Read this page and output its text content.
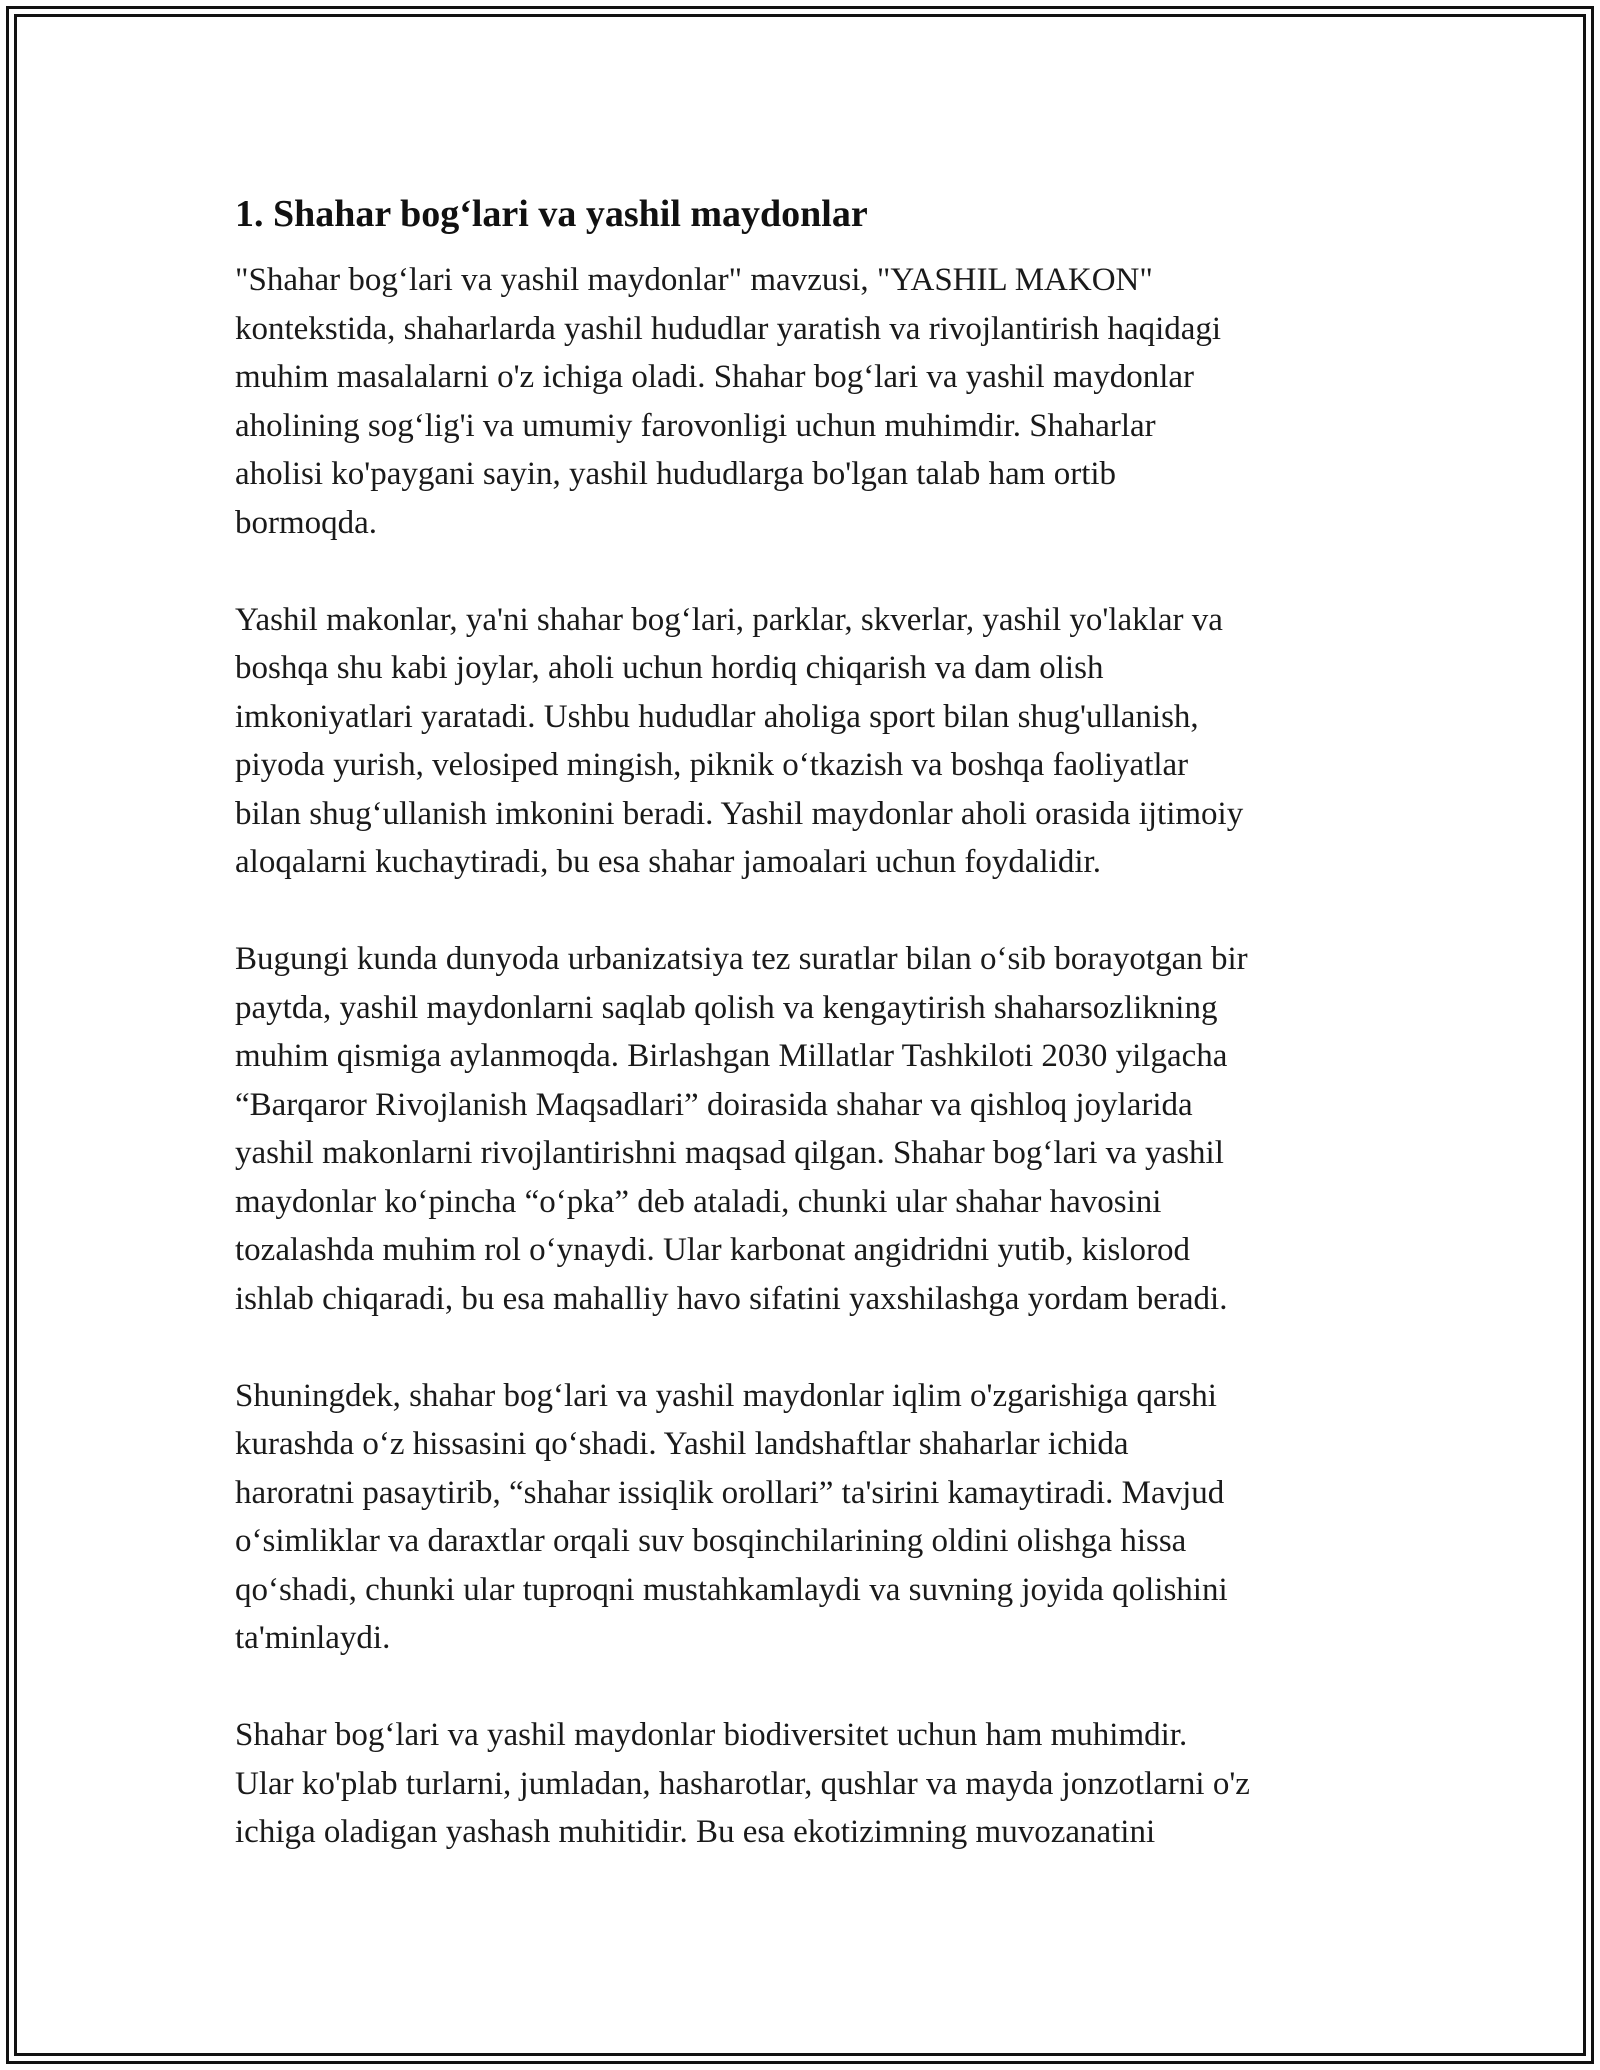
1. Shahar bog‘lari va yashil maydonlar

"Shahar bog‘lari va yashil maydonlar" mavzusi, "YASHIL MAKON"
kontekstida, shaharlarda yashil hududlar yaratish va rivojlantirish haqidagi
muhim masalalarni o'z ichiga oladi. Shahar bog‘lari va yashil maydonlar
aholining sog‘lig'i va umumiy farovonligi uchun muhimdir. Shaharlar
aholisi ko'paygani sayin, yashil hududlarga bo'lgan talab ham ortib
bormoqda.

Yashil makonlar, ya'ni shahar bog‘lari, parklar, skverlar, yashil yo'laklar va
boshqa shu kabi joylar, aholi uchun hordiq chiqarish va dam olish
imkoniyatlari yaratadi. Ushbu hududlar aholiga sport bilan shug'ullanish,
piyoda yurish, velosiped mingish, piknik o‘tkazish va boshqa faoliyatlar
bilan shug‘ullanish imkonini beradi. Yashil maydonlar aholi orasida ijtimoiy
aloqalarni kuchaytiradi, bu esa shahar jamoalari uchun foydalidir.

Bugungi kunda dunyoda urbanizatsiya tez suratlar bilan o‘sib borayotgan bir
paytda, yashil maydonlarni saqlab qolish va kengaytirish shaharsozlikning
muhim qismiga aylanmoqda. Birlashgan Millatlar Tashkiloti 2030 yilgacha
“Barqaror Rivojlanish Maqsadlari” doirasida shahar va qishloq joylarida
yashil makonlarni rivojlantirishni maqsad qilgan. Shahar bog‘lari va yashil
maydonlar ko‘pincha “o‘pka” deb ataladi, chunki ular shahar havosini
tozalashda muhim rol o‘ynaydi. Ular karbonat angidridni yutib, kislorod
ishlab chiqaradi, bu esa mahalliy havo sifatini yaxshilashga yordam beradi.

Shuningdek, shahar bog‘lari va yashil maydonlar iqlim o'zgarishiga qarshi
kurashda o‘z hissasini qo‘shadi. Yashil landshaftlar shaharlar ichida
haroratni pasaytirib, “shahar issiqlik orollari” ta'sirini kamaytiradi. Mavjud
o‘simliklar va daraxtlar orqali suv bosqinchilarining oldini olishga hissa
qo‘shadi, chunki ular tuproqni mustahkamlaydi va suvning joyida qolishini
ta'minlaydi.

Shahar bog‘lari va yashil maydonlar biodiversitet uchun ham muhimdir.
Ular ko'plab turlarni, jumladan, hasharotlar, qushlar va mayda jonzotlarni o'z
ichiga oladigan yashash muhitidir. Bu esa ekotizimning muvozanatini
